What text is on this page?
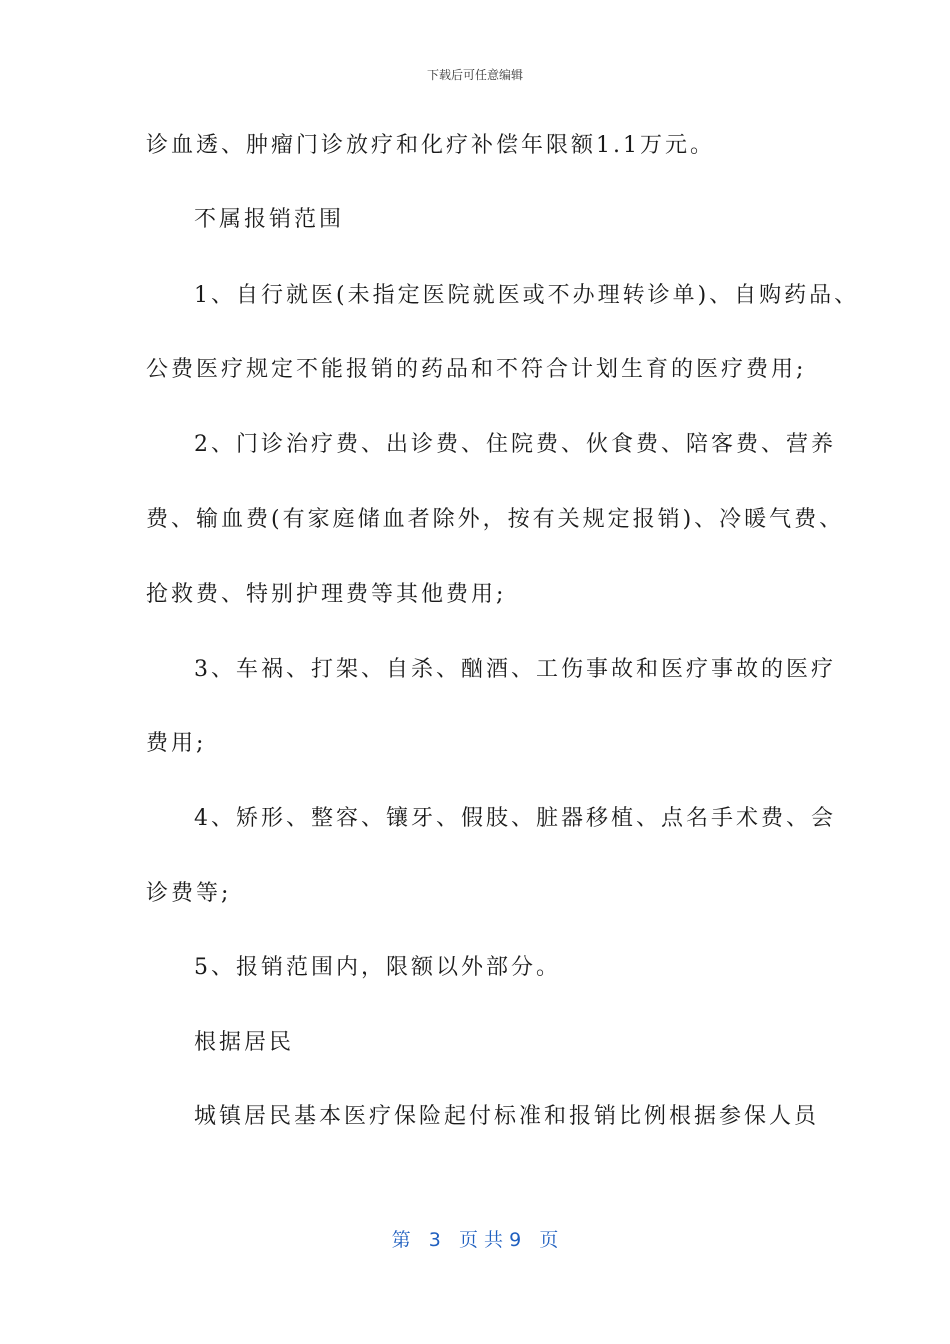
下载后可任意编辑
诊血透、肿瘤门诊放疗和化疗补偿年限额1.1万元。
不属报销范围
1、自行就医(未指定医院就医或不办理转诊单)、自购药品、
公费医疗规定不能报销的药品和不符合计划生育的医疗费用;
2、门诊治疗费、出诊费、住院费、伙食费、陪客费、营养
费、输血费(有家庭储血者除外，按有关规定报销)、冷暖气费、
抢救费、特别护理费等其他费用;
3、车祸、打架、自杀、酗酒、工伤事故和医疗事故的医疗
费用;
4、矫形、整容、镶牙、假肢、脏器移植、点名手术费、会
诊费等;
5、报销范围内，限额以外部分。
根据居民
城镇居民基本医疗保险起付标准和报销比例根据参保人员
第 3 页 共 9 页
